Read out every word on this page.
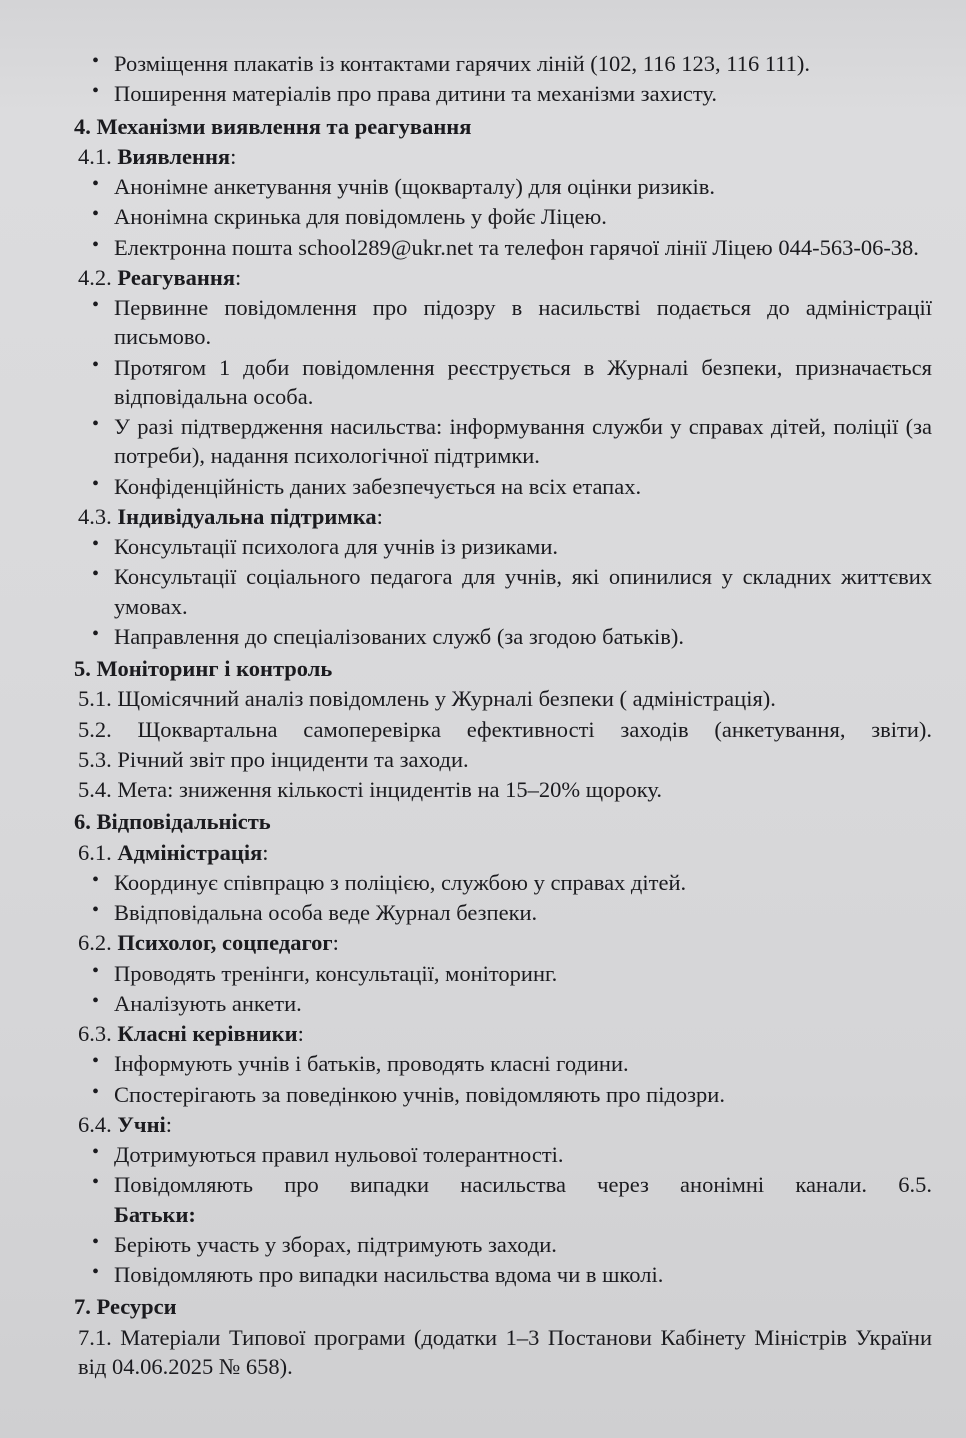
• Розміщення плакатів із контактами гарячих ліній (102, 116 123, 116 111).
• Поширення матеріалів про права дитини та механізми захисту.

4. Механізми виявлення та реагування

4.1. Виявлення:

• Анонімне анкетування учнів (щокварталу) для оцінки ризиків.
• Анонімна скринька для повідомлень у фойє Ліцею.
• Електронна пошта school289@ukr.net та телефон гарячої лінії Ліцею 044-563-06-38.

4.2. Реагування:

• Первинне повідомлення про підозру в насильстві подається до адміністрації письмово.
• Протягом 1 доби повідомлення реєструється в Журналі безпеки, призначається відповідальна особа.
• У разі підтвердження насильства: інформування служби у справах дітей, поліції (за потреби), надання психологічної підтримки.
• Конфіденційність даних забезпечується на всіх етапах.

4.3. Індивідуальна підтримка:

• Консультації психолога для учнів із ризиками.
• Консультації соціального педагога для учнів, які опинилися у складних життєвих умовах.
• Направлення до спеціалізованих служб (за згодою батьків).

5. Моніторинг і контроль

5.1. Щомісячний аналіз повідомлень у Журналі безпеки ( адміністрація).

5.2. Щоквартальна самоперевірка ефективності заходів (анкетування, звіти).

5.3. Річний звіт про інциденти та заходи.

5.4. Мета: зниження кількості інцидентів на 15–20% щороку.

6. Відповідальність

6.1. Адміністрація:

• Координує співпрацю з поліцією, службою у справах дітей.
• Ввідповідальна особа веде Журнал безпеки.

6.2. Психолог, соцпедагог:

• Проводять тренінги, консультації, моніторинг.
• Аналізують анкети.

6.3. Класні керівники:

• Інформують учнів і батьків, проводять класні години.
• Спостерігають за поведінкою учнів, повідомляють про підозри.

6.4. Учні:

• Дотримуються правил нульової толерантності.
• Повідомляють про випадки насильства через анонімні канали. 6.5.
Батьки:
• Беріють участь у зборах, підтримують заходи.
• Повідомляють про випадки насильства вдома чи в школі.

7. Ресурси

7.1. Матеріали Типової програми (додатки 1–3 Постанови Кабінету Міністрів України від 04.06.2025 № 658).
